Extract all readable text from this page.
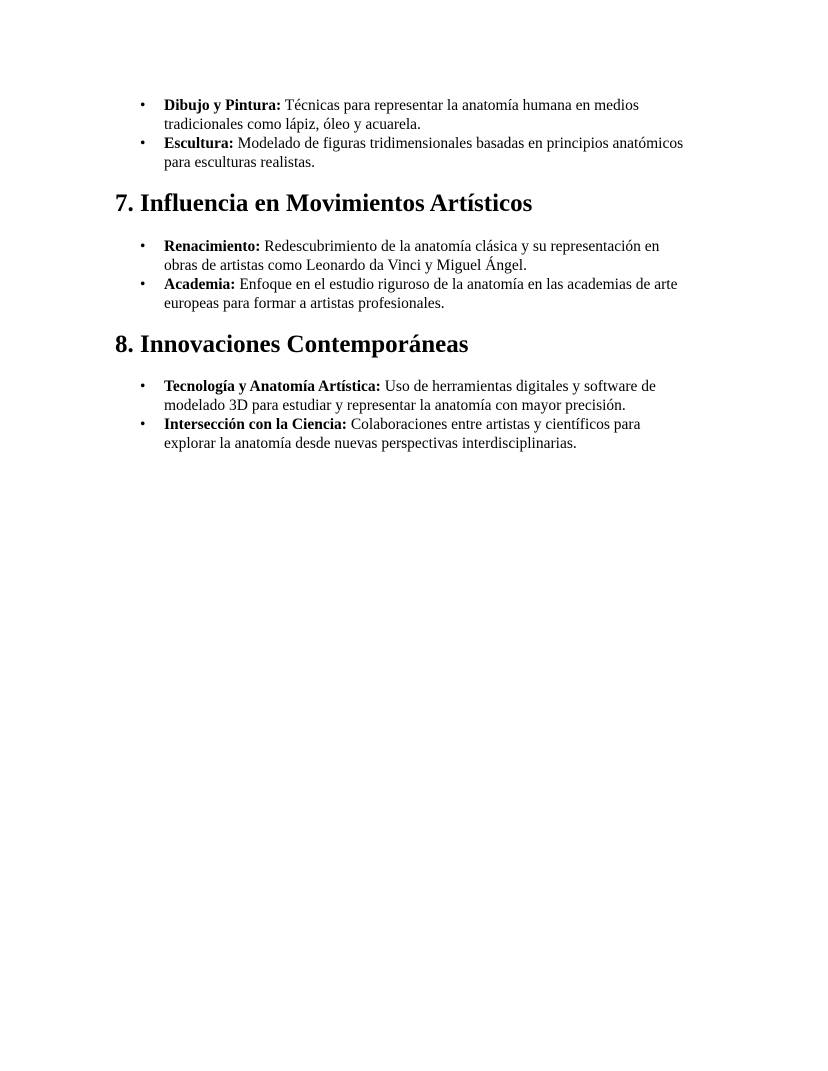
• Dibujo y Pintura: Técnicas para representar la anatomía humana en medios
tradicionales como lápiz, óleo y acuarela.
• Escultura: Modelado de figuras tridimensionales basadas en principios anatómicos
para esculturas realistas.
7. Influencia en Movimientos Artísticos
• Renacimiento: Redescubrimiento de la anatomía clásica y su representación en
obras de artistas como Leonardo da Vinci y Miguel Ángel.
• Academia: Enfoque en el estudio riguroso de la anatomía en las academias de arte
europeas para formar a artistas profesionales.
8. Innovaciones Contemporáneas
• Tecnología y Anatomía Artística: Uso de herramientas digitales y software de
modelado 3D para estudiar y representar la anatomía con mayor precisión.
• Intersección con la Ciencia: Colaboraciones entre artistas y científicos para
explorar la anatomía desde nuevas perspectivas interdisciplinarias.
